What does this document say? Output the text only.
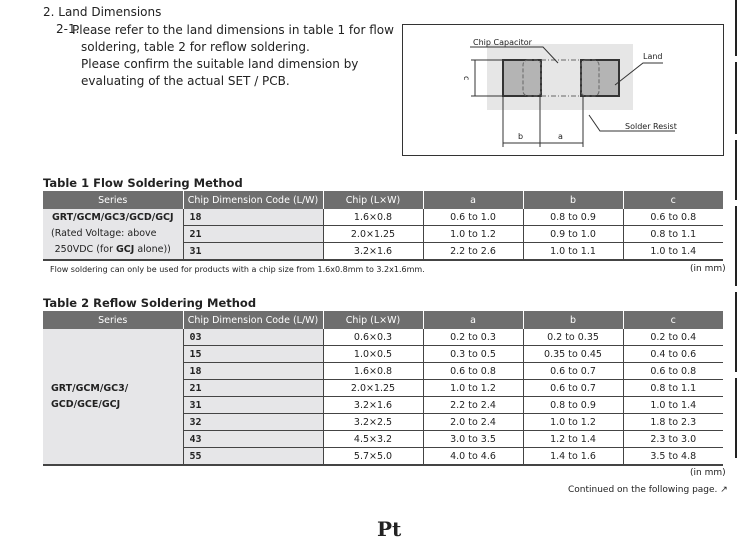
2. Land Dimensions
2-1.
Please refer to the land dimensions in table 1 for flow
soldering, table 2 for reflow soldering.
Please confirm the suitable land dimension by
evaluating of the actual SET / PCB.
Chip Capacitor
Land
Solder Resist
b	a
c
Table 1 Flow Soldering Method
Series	Chip Dimension Code (L/W)	Chip (L×W)	a	b	c

GRT/GCM/GC3/GCD/GCJ
(Rated Voltage: above
250VDC (for GCJ alone))	18	1.6×0.8	0.6 to 1.0	0.8 to 0.9	0.6 to 0.8
	21	2.0×1.25	1.0 to 1.2	0.9 to 1.0	0.8 to 1.1
	31	3.2×1.6	2.2 to 2.6	1.0 to 1.1	1.0 to 1.4
Flow soldering can only be used for products with a chip size from 1.6x0.8mm to 3.2x1.6mm.	(in mm)
Table 2 Reflow Soldering Method
Series	Chip Dimension Code (L/W)	Chip (L×W)	a	b	c

GRT/GCM/GC3/
GCD/GCE/GCJ	03	0.6×0.3	0.2 to 0.3	0.2 to 0.35	0.2 to 0.4
	15	1.0×0.5	0.3 to 0.5	0.35 to 0.45	0.4 to 0.6
	18	1.6×0.8	0.6 to 0.8	0.6 to 0.7	0.6 to 0.8
	21	2.0×1.25	1.0 to 1.2	0.6 to 0.7	0.8 to 1.1
	31	3.2×1.6	2.2 to 2.4	0.8 to 0.9	1.0 to 1.4
	32	3.2×2.5	2.0 to 2.4	1.0 to 1.2	1.8 to 2.3
	43	4.5×3.2	3.0 to 3.5	1.2 to 1.4	2.3 to 3.0
	55	5.7×5.0	4.0 to 4.6	1.4 to 1.6	3.5 to 4.8
(in mm)
Continued on the following page. ↗
Pt
